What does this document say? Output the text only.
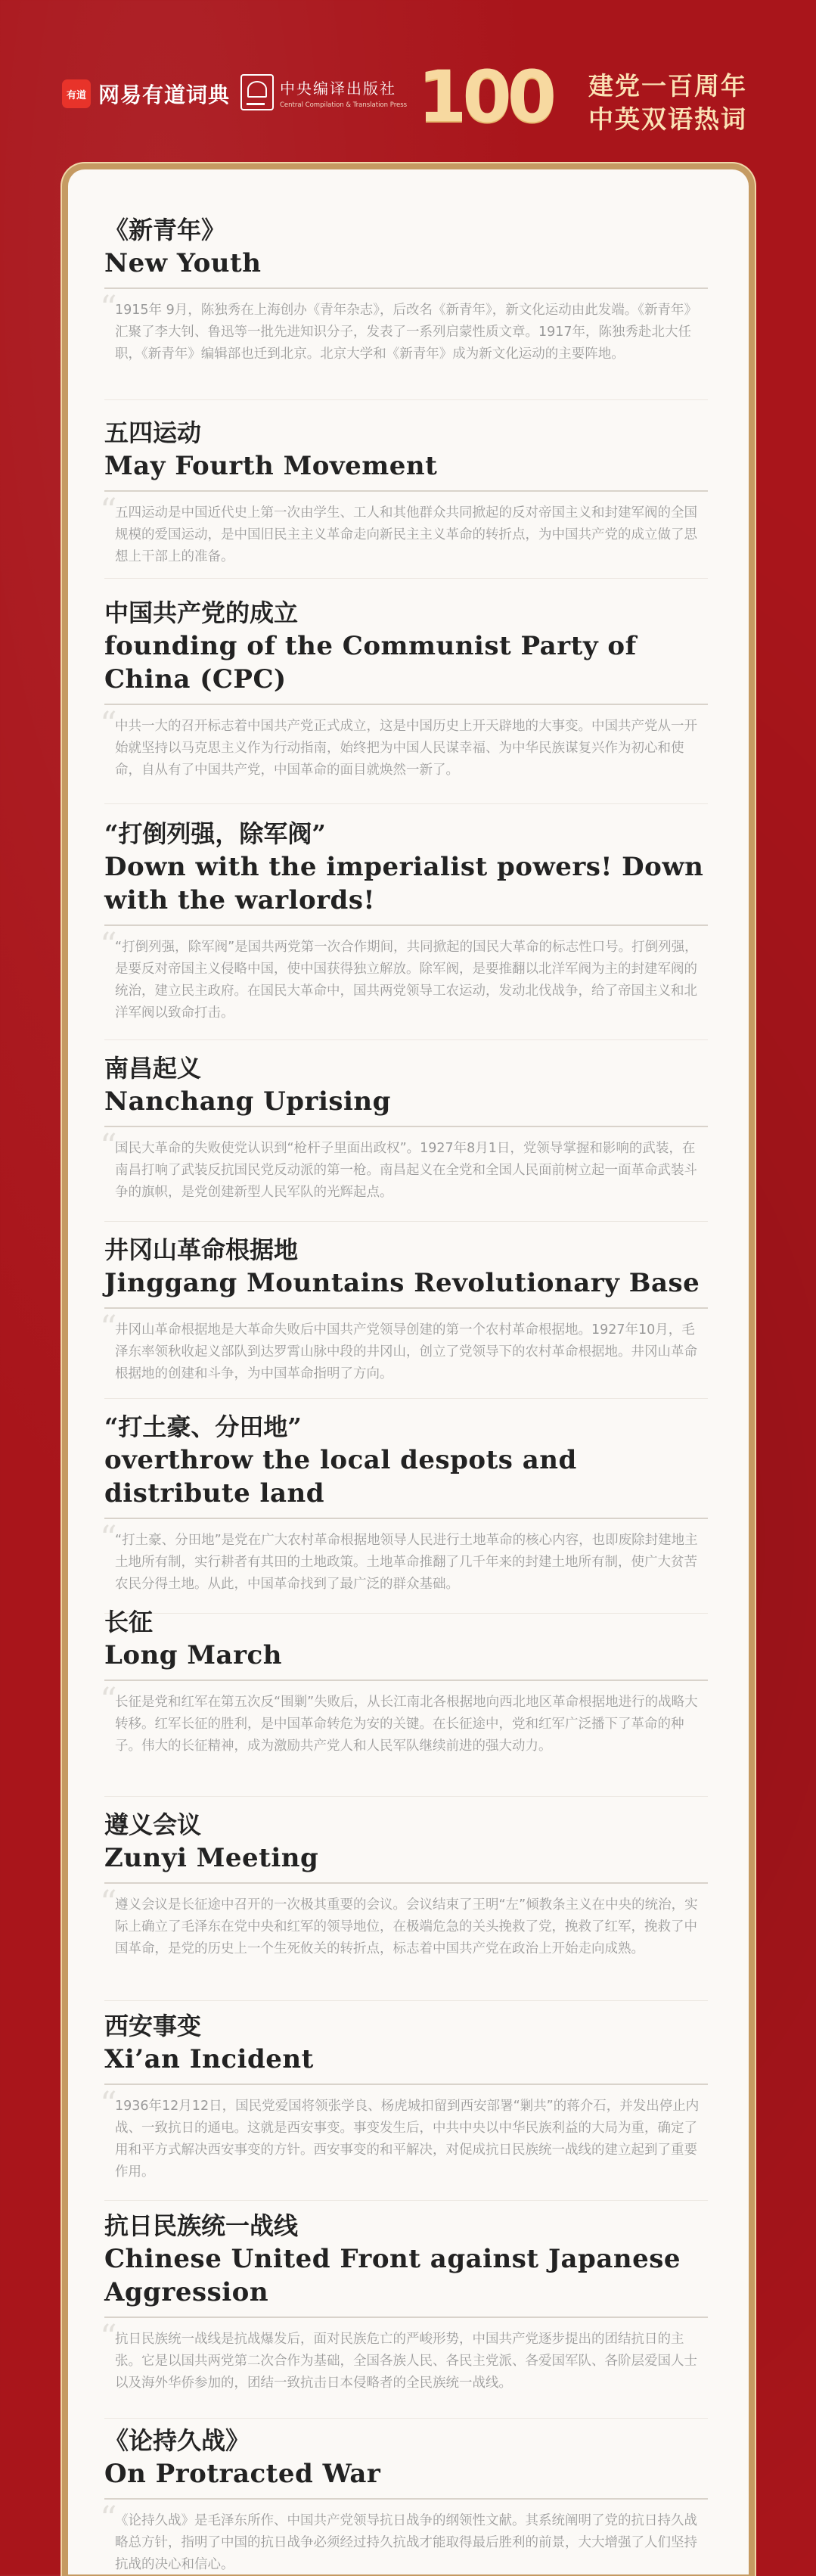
有道 网易有道词典	中央编译出版社
Central Compilation & Translation Press 100 建党一百周年
中英双语热词
《新青年》
New Youth
“
1915年 9月，陈独秀在上海创办《青年杂志》，后改名《新青年》，新文化运动由此发端。《新青年》汇聚了李大钊、鲁迅等一批先进知识分子，发表了一系列启蒙性质文章。1917年，陈独秀赴北大任职，《新青年》编辑部也迁到北京。北京大学和《新青年》成为新文化运动的主要阵地。
五四运动
May Fourth Movement
“
五四运动是中国近代史上第一次由学生、工人和其他群众共同掀起的反对帝国主义和封建军阀的全国规模的爱国运动，是中国旧民主主义革命走向新民主主义革命的转折点，为中国共产党的成立做了思想上干部上的准备。
中国共产党的成立
founding of the Communist Party of China (CPC)
“
中共一大的召开标志着中国共产党正式成立，这是中国历史上开天辟地的大事变。中国共产党从一开始就坚持以马克思主义作为行动指南，始终把为中国人民谋幸福、为中华民族谋复兴作为初心和使命，自从有了中国共产党，中国革命的面目就焕然一新了。
“打倒列强，除军阀”
Down with the imperialist powers! Down with the warlords!
“
“打倒列强，除军阀”是国共两党第一次合作期间，共同掀起的国民大革命的标志性口号。打倒列强，是要反对帝国主义侵略中国，使中国获得独立解放。除军阀，是要推翻以北洋军阀为主的封建军阀的统治，建立民主政府。在国民大革命中，国共两党领导工农运动，发动北伐战争，给了帝国主义和北洋军阀以致命打击。
南昌起义
Nanchang Uprising
“
国民大革命的失败使党认识到“枪杆子里面出政权”。1927年8月1日，党领导掌握和影响的武装，在南昌打响了武装反抗国民党反动派的第一枪。南昌起义在全党和全国人民面前树立起一面革命武装斗争的旗帜，是党创建新型人民军队的光辉起点。
井冈山革命根据地
Jinggang Mountains Revolutionary Base
“
井冈山革命根据地是大革命失败后中国共产党领导创建的第一个农村革命根据地。1927年10月，毛泽东率领秋收起义部队到达罗霄山脉中段的井冈山，创立了党领导下的农村革命根据地。井冈山革命根据地的创建和斗争，为中国革命指明了方向。
“打土豪、分田地”
overthrow the local despots and distribute land
“
“打土豪、分田地”是党在广大农村革命根据地领导人民进行土地革命的核心内容，也即废除封建地主土地所有制，实行耕者有其田的土地政策。土地革命推翻了几千年来的封建土地所有制，使广大贫苦农民分得土地。从此，中国革命找到了最广泛的群众基础。
长征
Long March
“
长征是党和红军在第五次反“围剿”失败后，从长江南北各根据地向西北地区革命根据地进行的战略大转移。红军长征的胜利，是中国革命转危为安的关键。在长征途中，党和红军广泛播下了革命的种子。伟大的长征精神，成为激励共产党人和人民军队继续前进的强大动力。
遵义会议
Zunyi Meeting
“
遵义会议是长征途中召开的一次极其重要的会议。会议结束了王明“左”倾教条主义在中央的统治，实际上确立了毛泽东在党中央和红军的领导地位，在极端危急的关头挽救了党，挽救了红军，挽救了中国革命，是党的历史上一个生死攸关的转折点，标志着中国共产党在政治上开始走向成熟。
西安事变
Xi’an Incident
“
1936年12月12日，国民党爱国将领张学良、杨虎城扣留到西安部署“剿共”的蒋介石，并发出停止内战、一致抗日的通电。这就是西安事变。事变发生后，中共中央以中华民族利益的大局为重，确定了用和平方式解决西安事变的方针。西安事变的和平解决，对促成抗日民族统一战线的建立起到了重要作用。
抗日民族统一战线
Chinese United Front against Japanese Aggression
“
抗日民族统一战线是抗战爆发后，面对民族危亡的严峻形势，中国共产党逐步提出的团结抗日的主张。它是以国共两党第二次合作为基础，全国各族人民、各民主党派、各爱国军队、各阶层爱国人士以及海外华侨参加的，团结一致抗击日本侵略者的全民族统一战线。
《论持久战》
On Protracted War
“
《论持久战》是毛泽东所作、中国共产党领导抗日战争的纲领性文献。其系统阐明了党的抗日持久战略总方针，指明了中国的抗日战争必须经过持久抗战才能取得最后胜利的前景，大大增强了人们坚持抗战的决心和信心。
